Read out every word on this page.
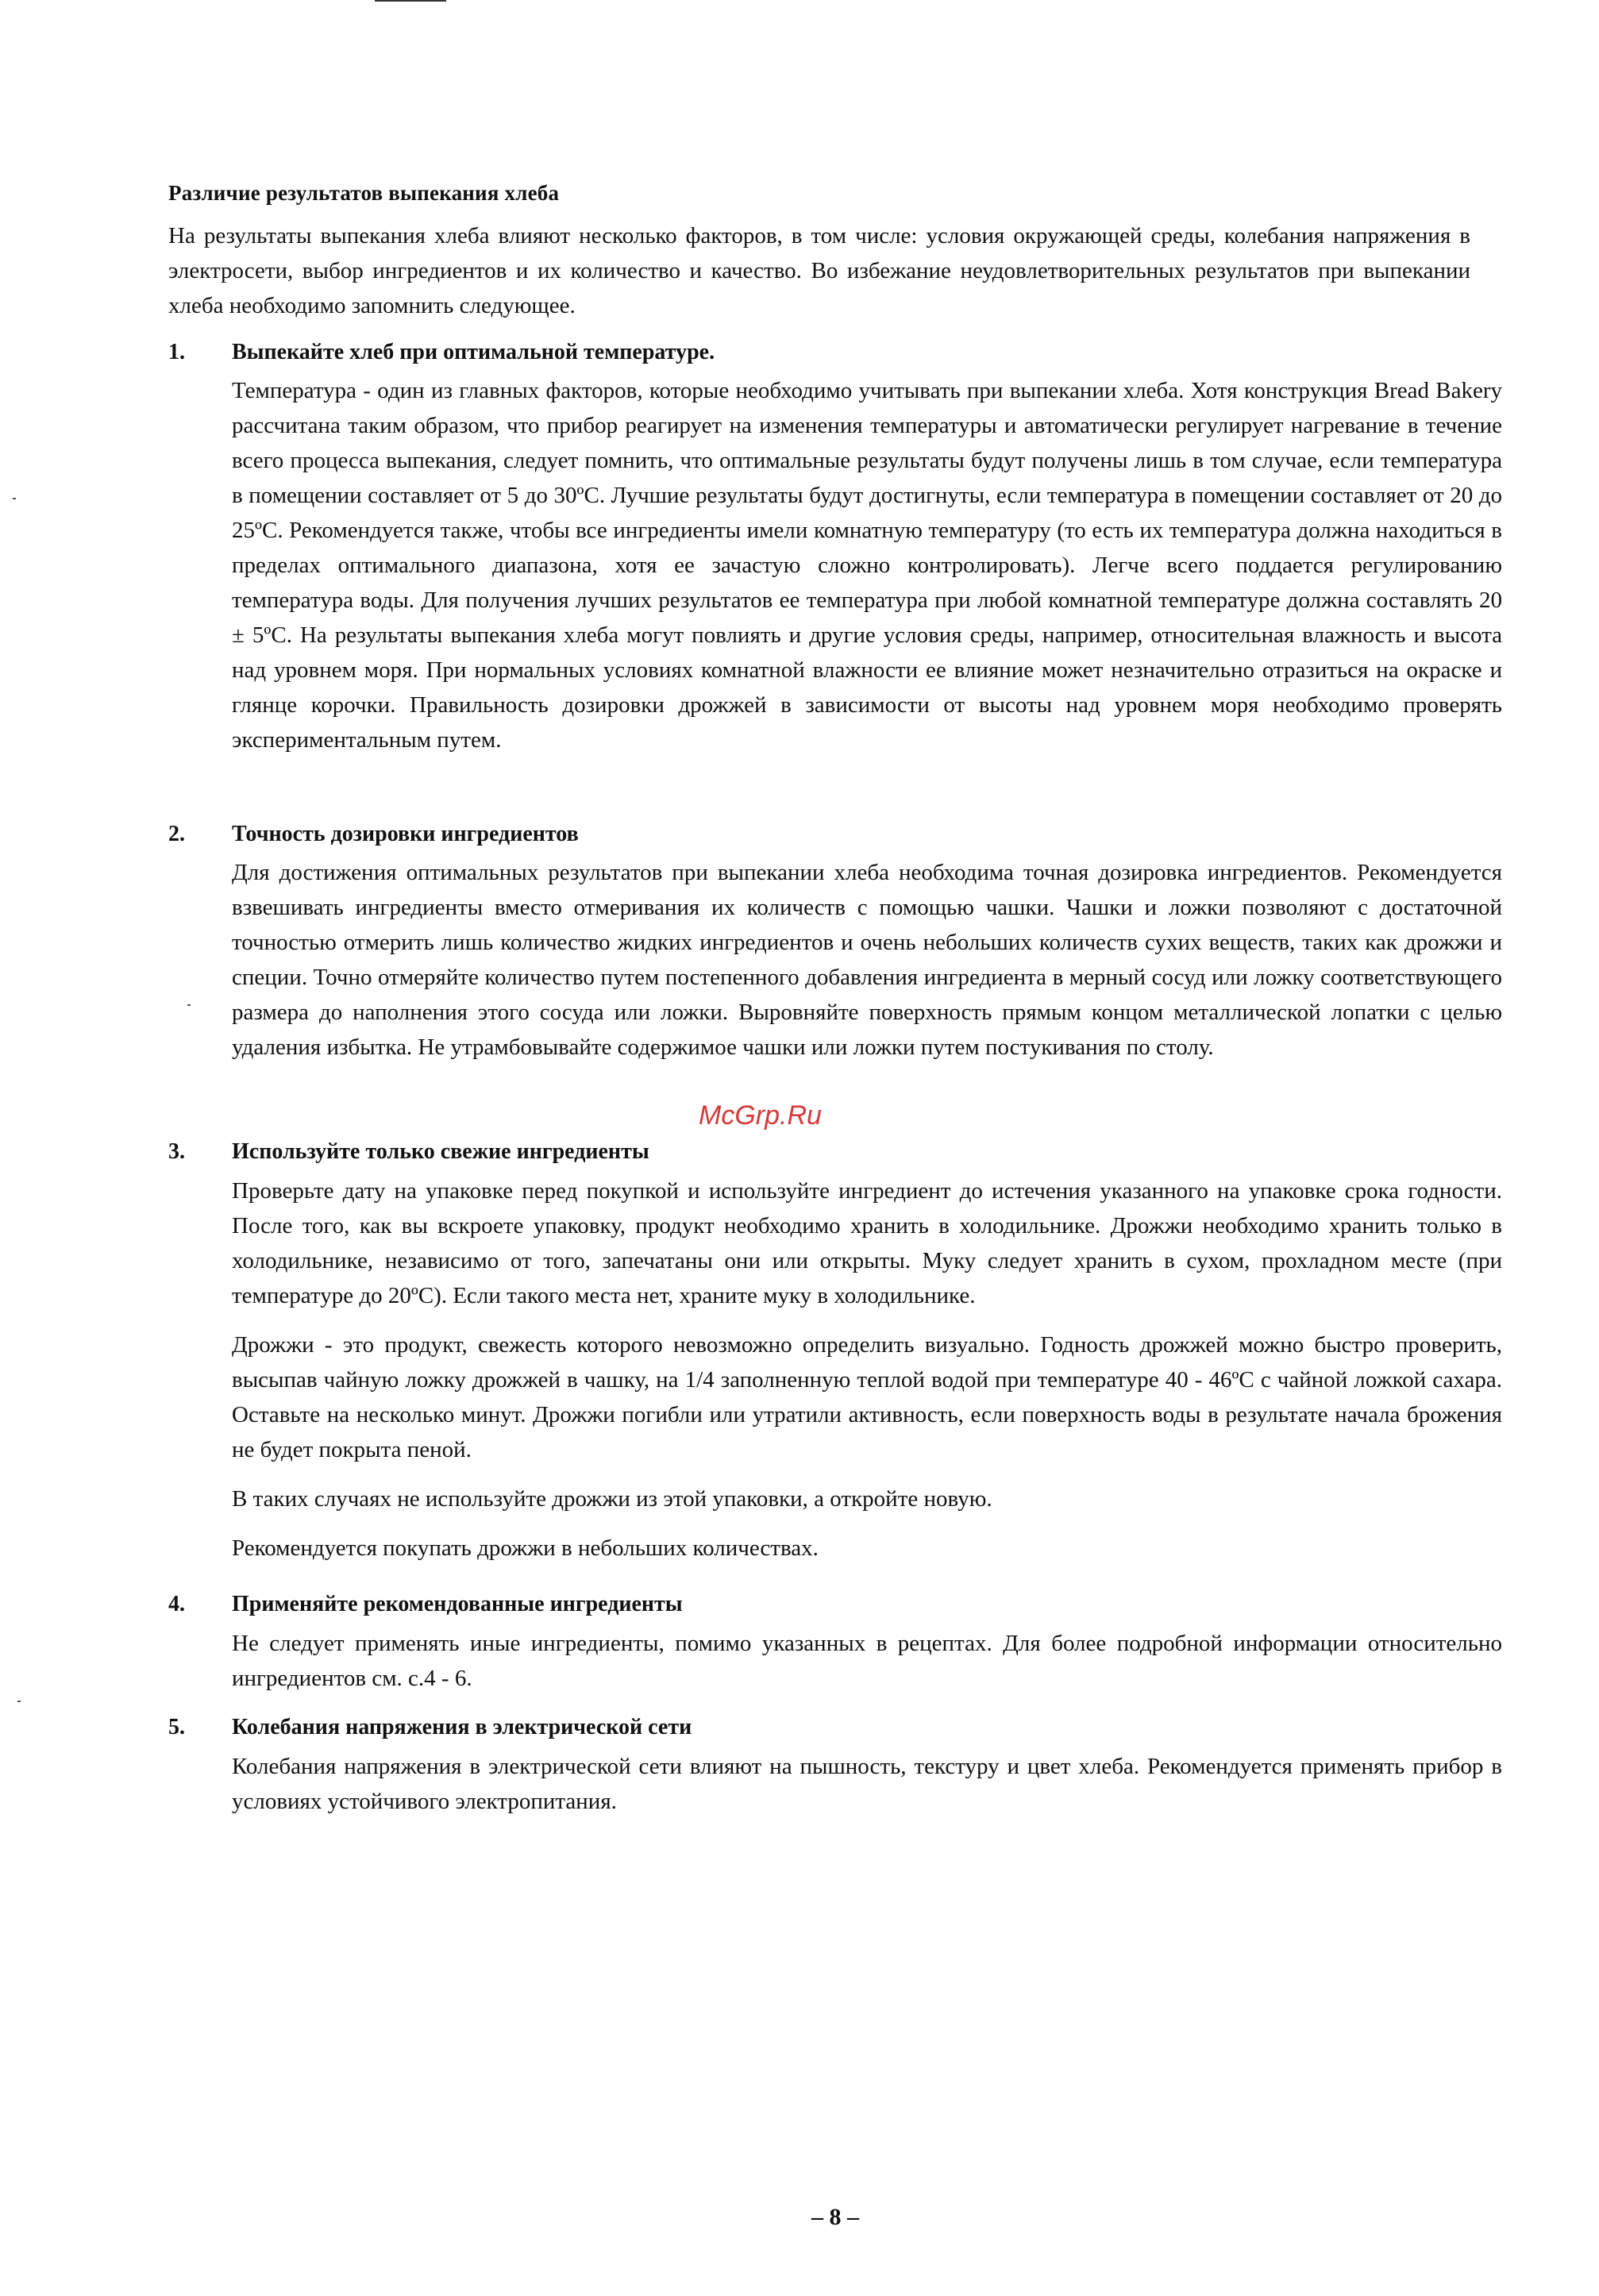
Различие результатов выпекания хлеба
На результаты выпекания хлеба влияют несколько факторов, в том числе: условия окружающей среды, колебания напряжения в электросети, выбор ингредиентов и их количество и качество. Во избежание неудовлетворительных результатов при выпекании хлеба необходимо запомнить следующее.
1. Выпекайте хлеб при оптимальной температуре.

Температура - один из главных факторов, которые необходимо учитывать при выпекании хлеба. Хотя конструкция Bread Bakery рассчитана таким образом, что прибор реагирует на изменения температуры и автоматически регулирует нагревание в течение всего процесса выпекания, следует помнить, что оптимальные результаты будут получены лишь в том случае, если температура в помещении составляет от 5 до 30ºC. Лучшие результаты будут достигнуты, если температура в помещении составляет от 20 до 25ºC. Рекомендуется также, чтобы все ингредиенты имели комнатную температуру (то есть их температура должна находиться в пределах оптимального диапазона, хотя ее зачастую сложно контролировать). Легче всего поддается регулированию температура воды. Для получения лучших результатов ее температура при любой комнатной температуре должна составлять 20 ± 5ºC. На результаты выпекания хлеба могут повлиять и другие условия среды, например, относительная влажность и высота над уровнем моря. При нормальных условиях комнатной влажности ее влияние может незначительно отразиться на окраске и глянце корочки. Правильность дозировки дрожжей в зависимости от высоты над уровнем моря необходимо проверять экспериментальным путем.

2. Точность дозировки ингредиентов

Для достижения оптимальных результатов при выпекании хлеба необходима точная дозировка ингредиентов. Рекомендуется взвешивать ингредиенты вместо отмеривания их количеств с помощью чашки. Чашки и ложки позволяют с достаточной точностью отмерить лишь количество жидких ингредиентов и очень небольших количеств сухих веществ, таких как дрожжи и специи. Точно отмеряйте количество путем постепенного добавления ингредиента в мерный сосуд или ложку соответствующего размера до наполнения этого сосуда или ложки. Выровняйте поверхность прямым концом металлической лопатки с целью удаления избытка. Не утрамбовывайте содержимое чашки или ложки путем постукивания по столу.

3. Используйте только свежие ингредиенты
McGrp.Ru

Проверьте дату на упаковке перед покупкой и используйте ингредиент до истечения указанного на упаковке срока годности. После того, как вы вскроете упаковку, продукт необходимо хранить в холодильнике. Дрожжи необходимо хранить только в холодильнике, независимо от того, запечатаны они или открыты. Муку следует хранить в сухом, прохладном месте (при температуре до 20ºC). Если такого места нет, храните муку в холодильнике.

Дрожжи - это продукт, свежесть которого невозможно определить визуально. Годность дрожжей можно быстро проверить, высыпав чайную ложку дрожжей в чашку, на 1/4 заполненную теплой водой при температуре 40 - 46ºC с чайной ложкой сахара. Оставьте на несколько минут. Дрожжи погибли или утратили активность, если поверхность воды в результате начала брожения не будет покрыта пеной.

В таких случаях не используйте дрожжи из этой упаковки, а откройте новую.

Рекомендуется покупать дрожжи в небольших количествах.

4. Применяйте рекомендованные ингредиенты

Не следует применять иные ингредиенты, помимо указанных в рецептах. Для более подробной информации относительно ингредиентов см. с.4 - 6.

5. Колебания напряжения в электрической сети

Колебания напряжения в электрической сети влияют на пышность, текстуру и цвет хлеба. Рекомендуется применять прибор в условиях устойчивого электропитания.

– 8 –
